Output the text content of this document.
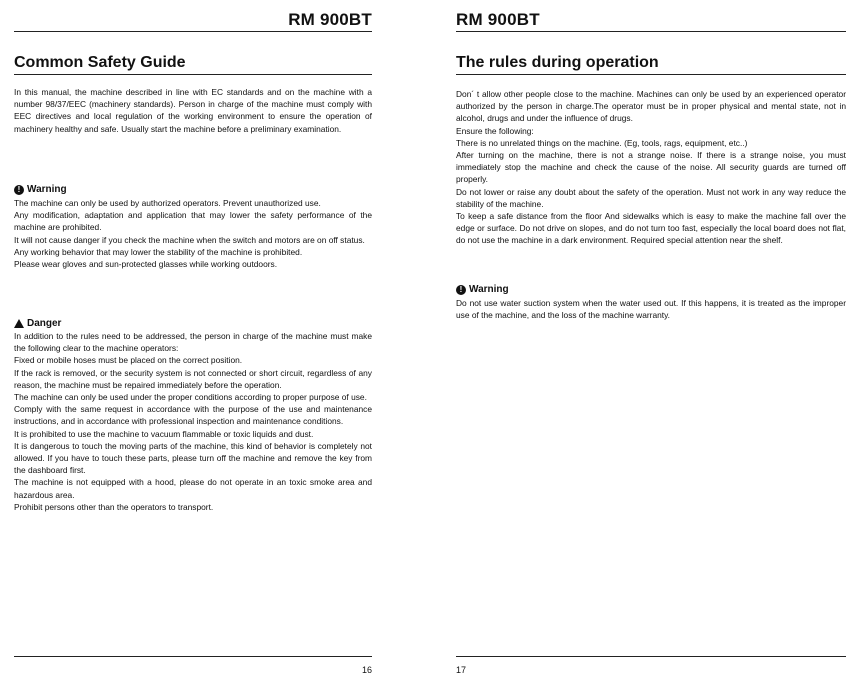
RM 900BT
Common Safety Guide

In this manual, the machine described in line with EC standards and on the machine with a number 98/37/EEC (machinery standards). Person in charge of the machine must comply with EEC directives and local regulation of the working environment to ensure the operation of machinery healthy and safe. Usually start the machine before a preliminary examination.

! Warning

The machine can only be used by authorized operators. Prevent unauthorized use.

Any modification, adaptation and application that may lower the safety performance of the machine are prohibited.

It will not cause danger if you check the machine when the switch and motors are on off status.

Any working behavior that may lower the stability of the machine is prohibited.

Please wear gloves and sun-protected glasses while working outdoors.

Danger

In addition to the rules need to be addressed, the person in charge of the machine must make the following clear to the machine operators:

Fixed or mobile hoses must be placed on the correct position.

If the rack is removed, or the security system is not connected or short circuit, regardless of any reason, the machine must be repaired immediately before the operation.

The machine can only be used under the proper conditions according to proper purpose of use.

Comply with the same request in accordance with the purpose of the use and maintenance instructions, and in accordance with professional inspection and maintenance conditions.

It is prohibited to use the machine to vacuum flammable or toxic liquids and dust.

It is dangerous to touch the moving parts of the machine, this kind of behavior is completely not allowed. If you have to touch these parts, please turn off the machine and remove the key from the dashboard first.

The machine is not equipped with a hood, please do not operate in an toxic smoke area and hazardous area.

Prohibit persons other than the operators to transport.

16
RM 900BT
The rules during operation

Don´ t allow other people close to the machine. Machines can only be used by an experienced operator authorized by the person in charge.The operator must be in proper physical and mental state, not in alcohol, drugs and under the influence of drugs.

Ensure the following:

There is no unrelated things on the machine. (Eg, tools, rags, equipment, etc..)

After turning on the machine, there is not a strange noise. If there is a strange noise, you must immediately stop the machine and check the cause of the noise. All security guards are turned off properly.

Do not lower or raise any doubt about the safety of the operation. Must not work in any way reduce the stability of the machine.

To keep a safe distance from the floor And sidewalks which is easy to make the machine fall over the edge or surface. Do not drive on slopes, and do not turn too fast, especially the local board does not flat, do not use the machine in a dark environment. Required special attention near the shelf.

! Warning

Do not use water suction system when the water used out. If this happens, it is treated as the improper use of the machine, and the loss of the machine warranty.

17
